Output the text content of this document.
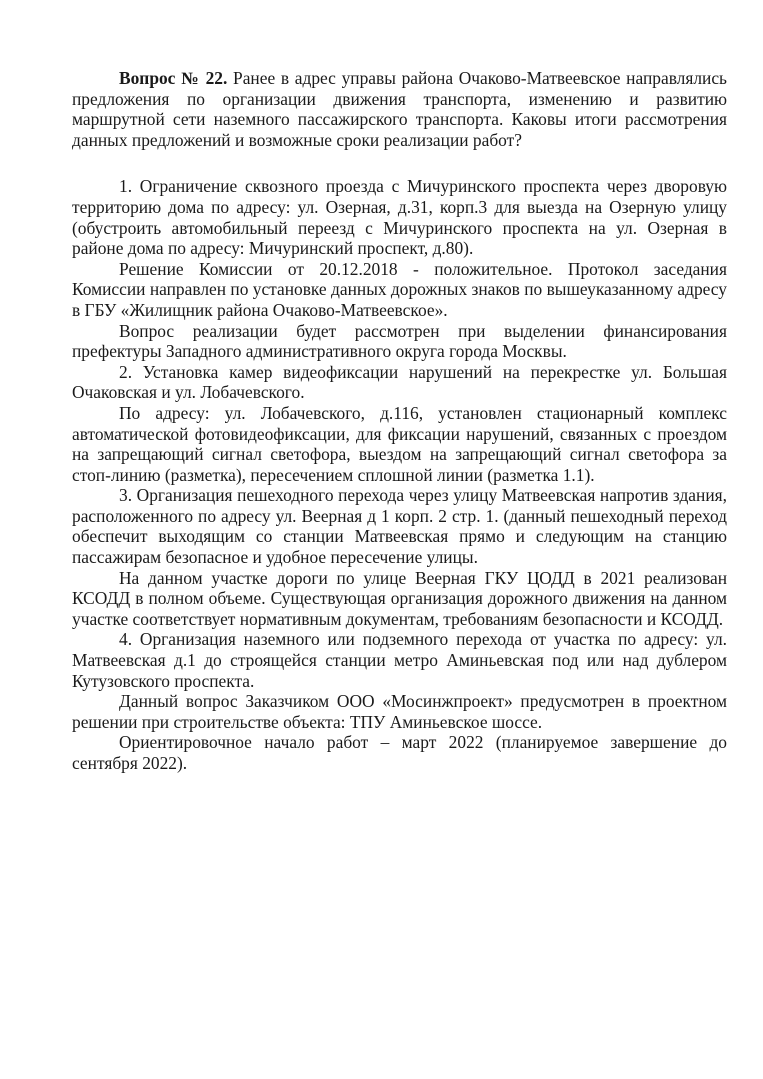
Вопрос № 22. Ранее в адрес управы района Очаково-Матвеевское направлялись предложения по организации движения транспорта, изменению и развитию маршрутной сети наземного пассажирского транспорта. Каковы итоги рассмотрения данных предложений и возможные сроки реализации работ?

1. Ограничение сквозного проезда с Мичуринского проспекта через дворовую территорию дома по адресу: ул. Озерная, д.31, корп.3 для выезда на Озерную улицу (обустроить автомобильный переезд с Мичуринского проспекта на ул. Озерная в районе дома по адресу: Мичуринский проспект, д.80).

Решение Комиссии от 20.12.2018 - положительное. Протокол заседания Комиссии направлен по установке данных дорожных знаков по вышеуказанному адресу в ГБУ «Жилищник района Очаково-Матвеевское».

Вопрос реализации будет рассмотрен при выделении финансирования префектуры Западного административного округа города Москвы.

2. Установка камер видеофиксации нарушений на перекрестке ул. Большая Очаковская и ул. Лобачевского.

По адресу: ул. Лобачевского, д.116, установлен стационарный комплекс автоматической фотовидеофиксации, для фиксации нарушений, связанных с проездом на запрещающий сигнал светофора, выездом на запрещающий сигнал светофора за стоп-линию (разметка), пересечением сплошной линии (разметка 1.1).

3. Организация пешеходного перехода через улицу Матвеевская напротив здания, расположенного по адресу ул. Веерная д 1 корп. 2 стр. 1. (данный пешеходный переход обеспечит выходящим со станции Матвеевская прямо и следующим на станцию пассажирам безопасное и удобное пересечение улицы.

На данном участке дороги по улице Веерная ГКУ ЦОДД в 2021 реализован КСОДД в полном объеме. Существующая организация дорожного движения на данном участке соответствует нормативным документам, требованиям безопасности и КСОДД.

4. Организация наземного или подземного перехода от участка по адресу: ул. Матвеевская д.1 до строящейся станции метро Аминьевская под или над дублером Кутузовского проспекта.

Данный вопрос Заказчиком ООО «Мосинжпроект» предусмотрен в проектном решении при строительстве объекта: ТПУ Аминьевское шоссе.

Ориентировочное начало работ – март 2022 (планируемое завершение до сентября 2022).
